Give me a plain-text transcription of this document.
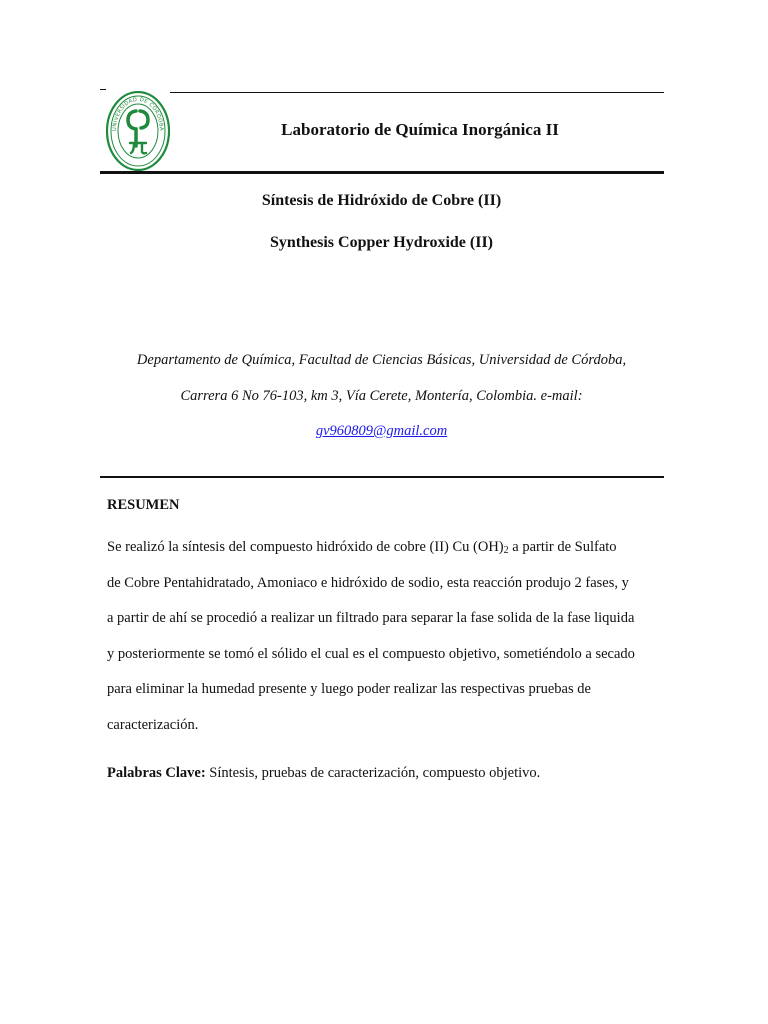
UNIVERSIDAD DE CÓRDOBA	Laboratorio de Química Inorgánica II
Síntesis de Hidróxido de Cobre (II)
Synthesis Copper Hydroxide (II)
Departamento de Química, Facultad de Ciencias Básicas, Universidad de Córdoba,
Carrera 6 No 76-103, km 3, Vía Cerete, Montería, Colombia. e-mail:
gv960809@gmail.com
RESUMEN
Se realizó la síntesis del compuesto hidróxido de cobre (II) Cu $(OH)_2$ a partir de Sulfato
de Cobre Pentahidratado, Amoniaco e hidróxido de sodio, esta reacción produjo 2 fases, y
a partir de ahí se procedió a realizar un filtrado para separar la fase solida de la fase liquida
y posteriormente se tomó el sólido el cual es el compuesto objetivo, sometiéndolo a secado
para eliminar la humedad presente y luego poder realizar las respectivas pruebas de
caracterización.
Palabras Clave: Síntesis, pruebas de caracterización, compuesto objetivo.
